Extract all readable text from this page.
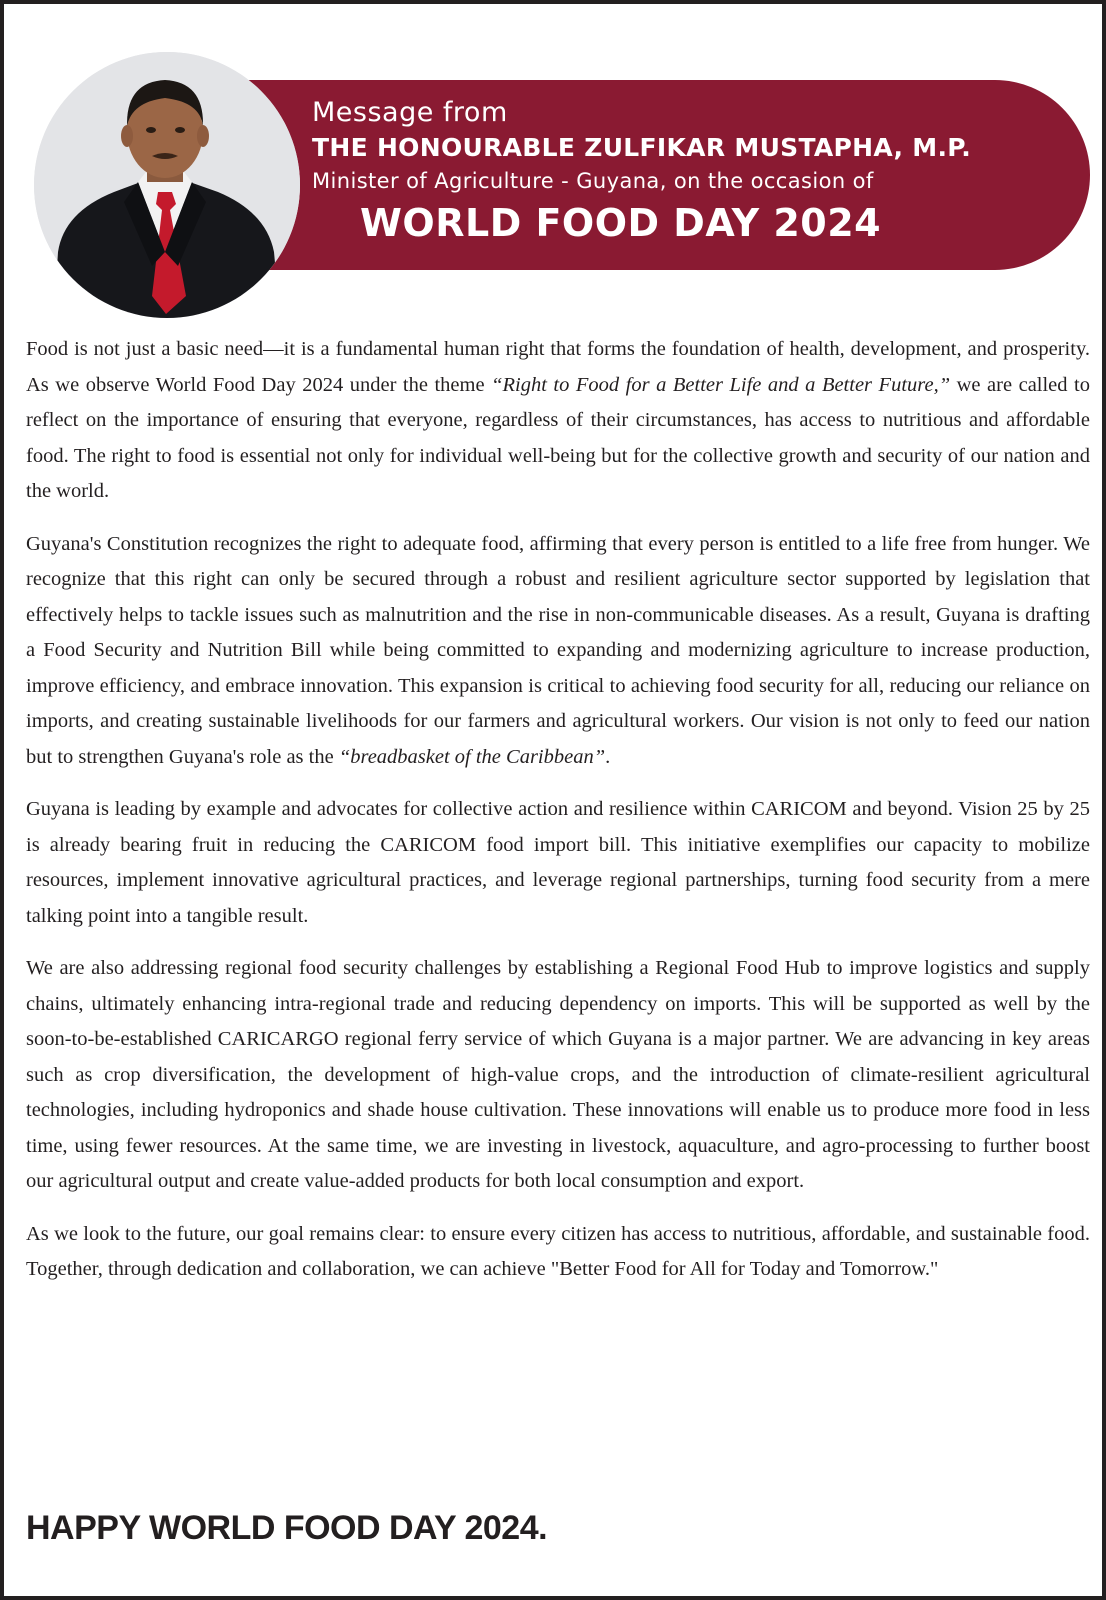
Message from
THE HONOURABLE ZULFIKAR MUSTAPHA, M.P.
Minister of Agriculture - Guyana, on the occasion of
WORLD FOOD DAY 2024

Food is not just a basic need—it is a fundamental human right that forms the foundation of health, development, and prosperity. As we observe World Food Day 2024 under the theme “Right to Food for a Better Life and a Better Future,” we are called to reflect on the importance of ensuring that everyone, regardless of their circumstances, has access to nutritious and affordable food. The right to food is essential not only for individual well-being but for the collective growth and security of our nation and the world.

Guyana's Constitution recognizes the right to adequate food, affirming that every person is entitled to a life free from hunger. We recognize that this right can only be secured through a robust and resilient agriculture sector supported by legislation that effectively helps to tackle issues such as malnutrition and the rise in non-communicable diseases. As a result, Guyana is drafting a Food Security and Nutrition Bill while being committed to expanding and modernizing agriculture to increase production, improve efficiency, and embrace innovation. This expansion is critical to achieving food security for all, reducing our reliance on imports, and creating sustainable livelihoods for our farmers and agricultural workers. Our vision is not only to feed our nation but to strengthen Guyana's role as the “breadbasket of the Caribbean”.

Guyana is leading by example and advocates for collective action and resilience within CARICOM and beyond. Vision 25 by 25 is already bearing fruit in reducing the CARICOM food import bill. This initiative exemplifies our capacity to mobilize resources, implement innovative agricultural practices, and leverage regional partnerships, turning food security from a mere talking point into a tangible result.

We are also addressing regional food security challenges by establishing a Regional Food Hub to improve logistics and supply chains, ultimately enhancing intra-regional trade and reducing dependency on imports. This will be supported as well by the soon-to-be-established CARICARGO regional ferry service of which Guyana is a major partner. We are advancing in key areas such as crop diversification, the development of high-value crops, and the introduction of climate-resilient agricultural technologies, including hydroponics and shade house cultivation. These innovations will enable us to produce more food in less time, using fewer resources. At the same time, we are investing in livestock, aquaculture, and agro-processing to further boost our agricultural output and create value-added products for both local consumption and export.

As we look to the future, our goal remains clear: to ensure every citizen has access to nutritious, affordable, and sustainable food. Together, through dedication and collaboration, we can achieve "Better Food for All for Today and Tomorrow."

HAPPY WORLD FOOD DAY 2024.
